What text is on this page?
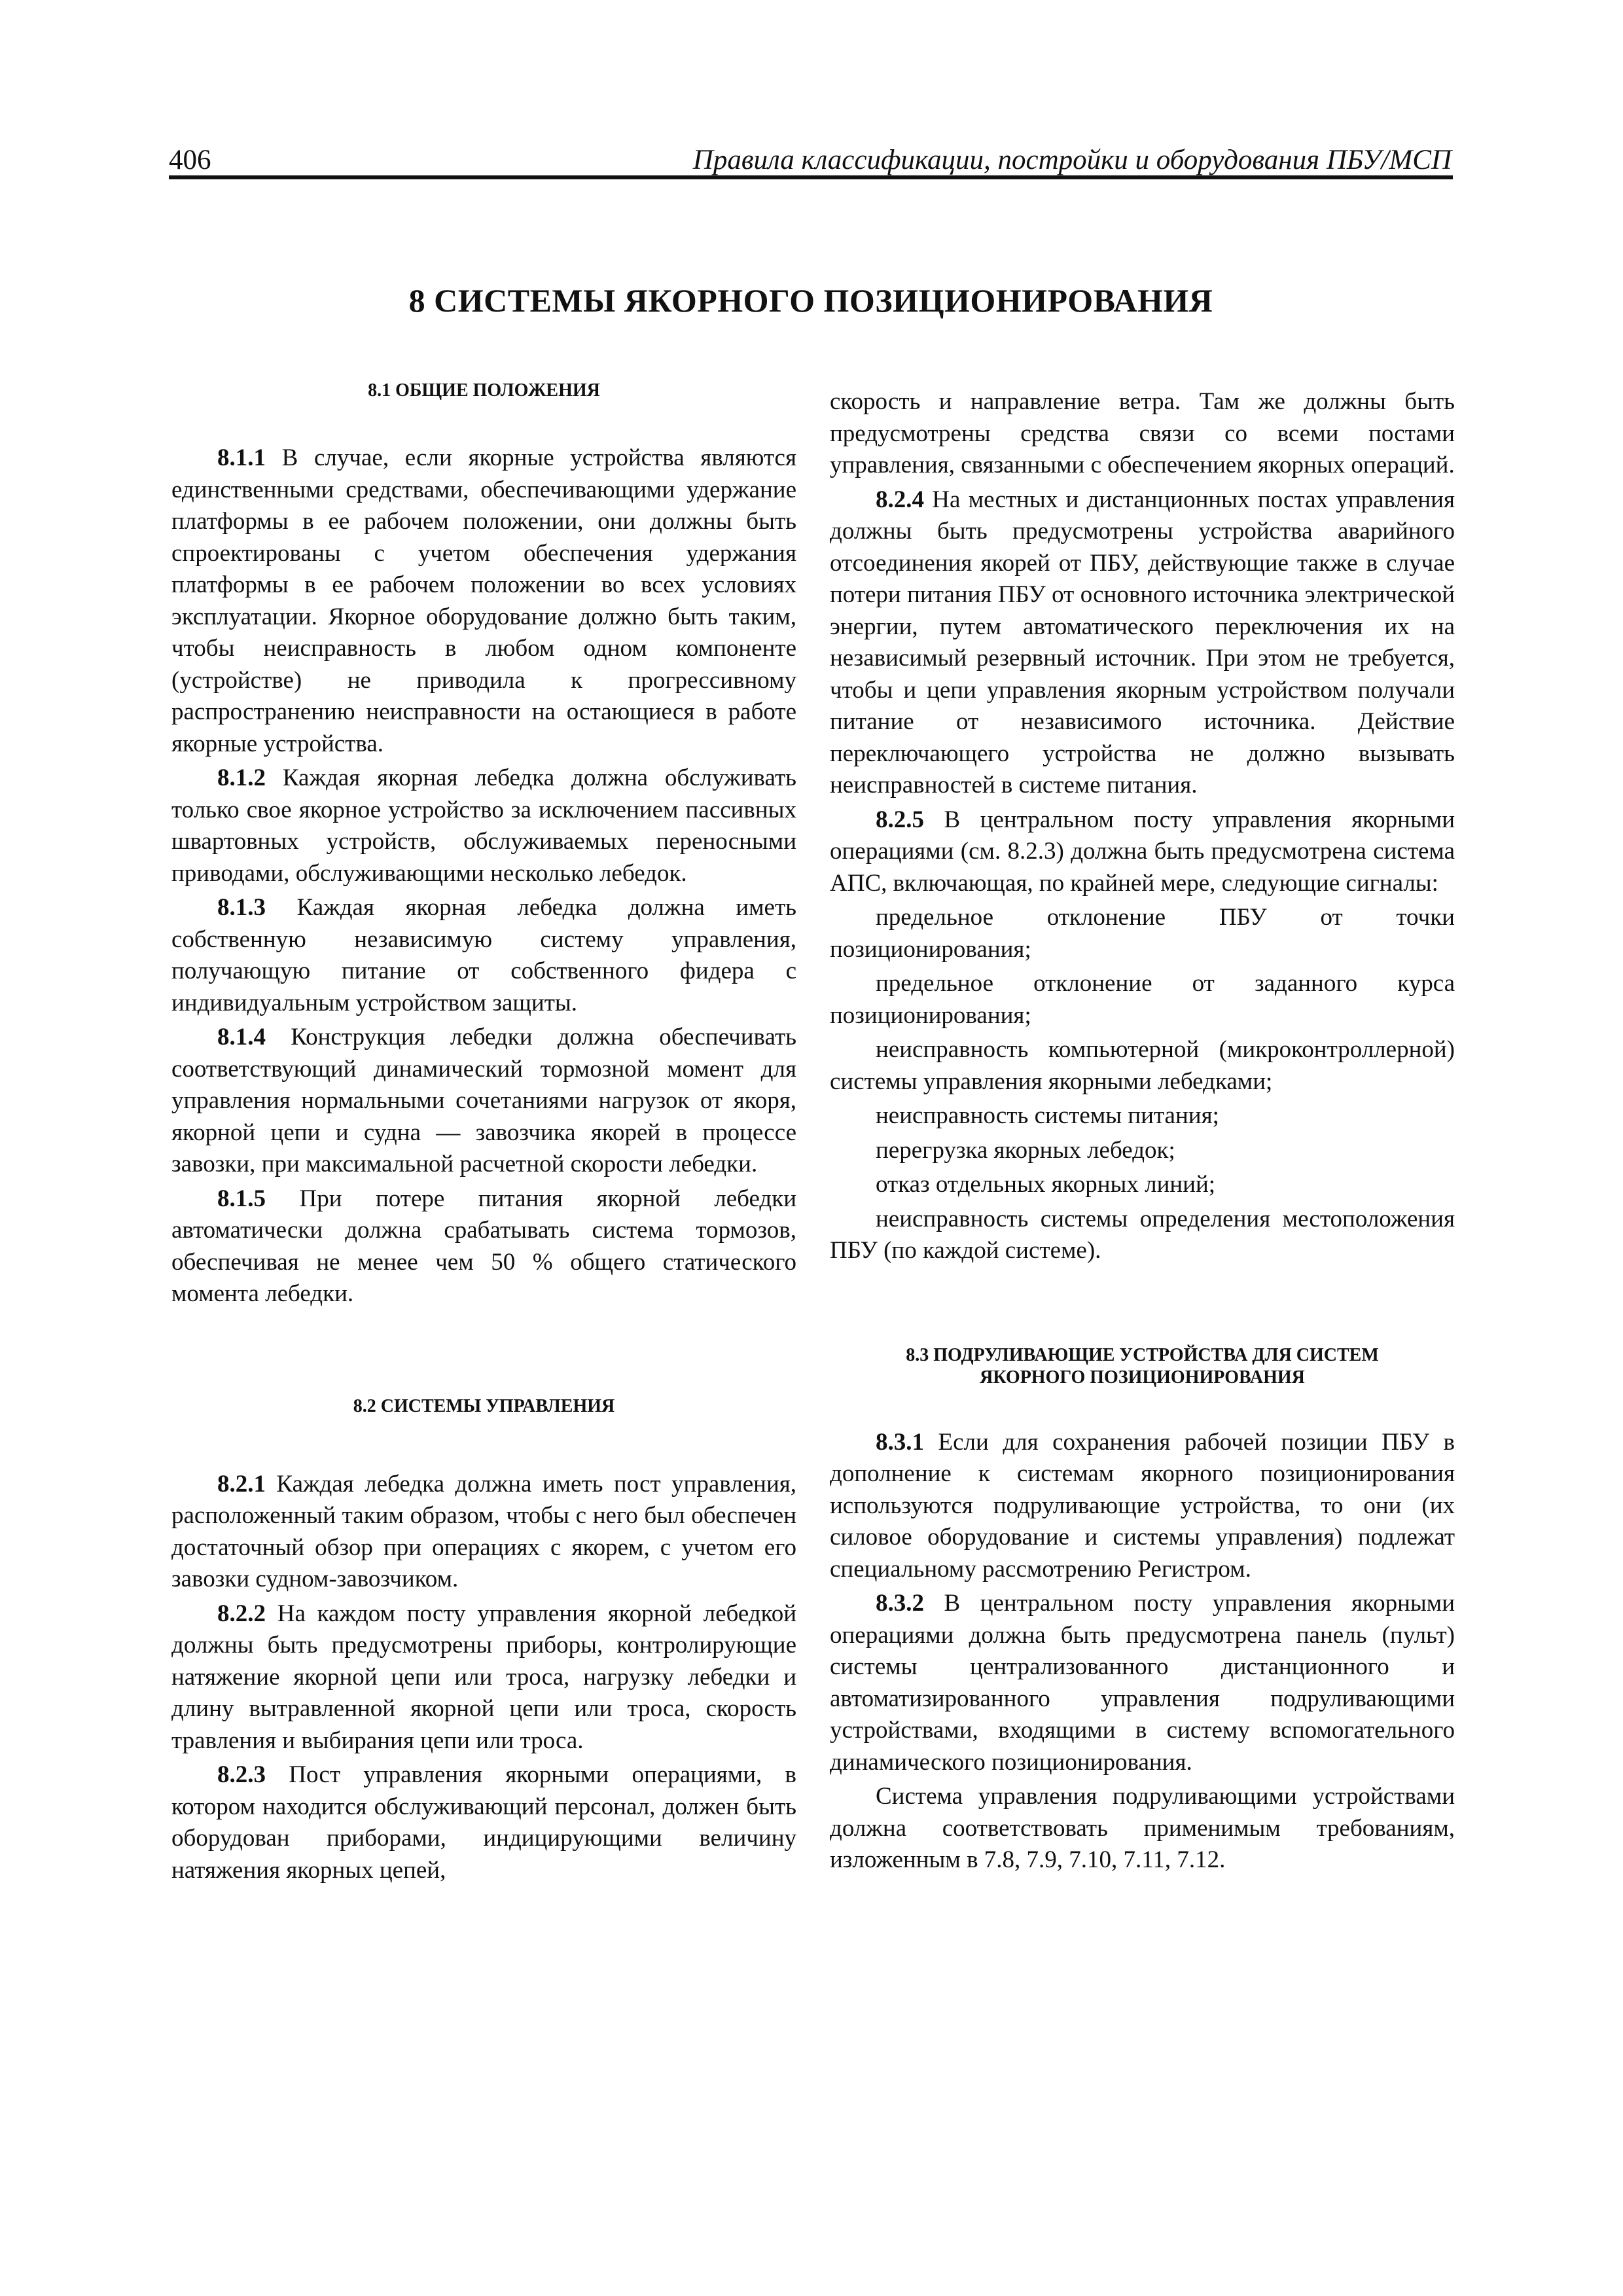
406	Правила классификации, постройки и оборудования ПБУ/МСП
8 СИСТЕМЫ ЯКОРНОГО ПОЗИЦИОНИРОВАНИЯ
8.1 ОБЩИЕ ПОЛОЖЕНИЯ

8.1.1 В случае, если якорные устройства являются единственными средствами, обеспечивающими удержание платформы в ее рабочем положении, они должны быть спроектированы с учетом обеспечения удержания платформы в ее рабочем положении во всех условиях эксплуатации. Якорное оборудование должно быть таким, чтобы неисправность в любом одном компоненте (устройстве) не приводила к прогрессивному распространению неисправности на остающиеся в работе якорные устройства.

8.1.2 Каждая якорная лебедка должна обслуживать только свое якорное устройство за исключением пассивных швартовных устройств, обслуживаемых переносными приводами, обслуживающими несколько лебедок.

8.1.3 Каждая якорная лебедка должна иметь собственную независимую систему управления, получающую питание от собственного фидера с индивидуальным устройством защиты.

8.1.4 Конструкция лебедки должна обеспечивать соответствующий динамический тормозной момент для управления нормальными сочетаниями нагрузок от якоря, якорной цепи и судна — завозчика якорей в процессе завозки, при максимальной расчетной скорости лебедки.

8.1.5 При потере питания якорной лебедки автоматически должна срабатывать система тормозов, обеспечивая не менее чем 50 % общего статического момента лебедки.

8.2 СИСТЕМЫ УПРАВЛЕНИЯ

8.2.1 Каждая лебедка должна иметь пост управления, расположенный таким образом, чтобы с него был обеспечен достаточный обзор при операциях с якорем, с учетом его завозки судном-завозчиком.

8.2.2 На каждом посту управления якорной лебедкой должны быть предусмотрены приборы, контролирующие натяжение якорной цепи или троса, нагрузку лебедки и длину вытравленной якорной цепи или троса, скорость травления и выбирания цепи или троса.

8.2.3 Пост управления якорными операциями, в котором находится обслуживающий персонал, должен быть оборудован приборами, индицирующими величину натяжения якорных цепей,

скорость и направление ветра. Там же должны быть предусмотрены средства связи со всеми постами управления, связанными с обеспечением якорных операций.

8.2.4 На местных и дистанционных постах управления должны быть предусмотрены устройства аварийного отсоединения якорей от ПБУ, действующие также в случае потери питания ПБУ от основного источника электрической энергии, путем автоматического переключения их на независимый резервный источник. При этом не требуется, чтобы и цепи управления якорным устройством получали питание от независимого источника. Действие переключающего устройства не должно вызывать неисправностей в системе питания.

8.2.5 В центральном посту управления якорными операциями (см. 8.2.3) должна быть предусмотрена система АПС, включающая, по крайней мере, следующие сигналы:

предельное отклонение ПБУ от точки позиционирования;

предельное отклонение от заданного курса позиционирования;

неисправность компьютерной (микроконтроллерной) системы управления якорными лебедками;

неисправность системы питания;

перегрузка якорных лебедок;

отказ отдельных якорных линий;

неисправность системы определения местоположения ПБУ (по каждой системе).

8.3 ПОДРУЛИВАЮЩИЕ УСТРОЙСТВА ДЛЯ СИСТЕМ
ЯКОРНОГО ПОЗИЦИОНИРОВАНИЯ

8.3.1 Если для сохранения рабочей позиции ПБУ в дополнение к системам якорного позиционирования используются подруливающие устройства, то они (их силовое оборудование и системы управления) подлежат специальному рассмотрению Регистром.

8.3.2 В центральном посту управления якорными операциями должна быть предусмотрена панель (пульт) системы централизованного дистанционного и автоматизированного управления подруливающими устройствами, входящими в систему вспомогательного динамического позиционирования.

Система управления подруливающими устройствами должна соответствовать применимым требованиям, изложенным в 7.8, 7.9, 7.10, 7.11, 7.12.
